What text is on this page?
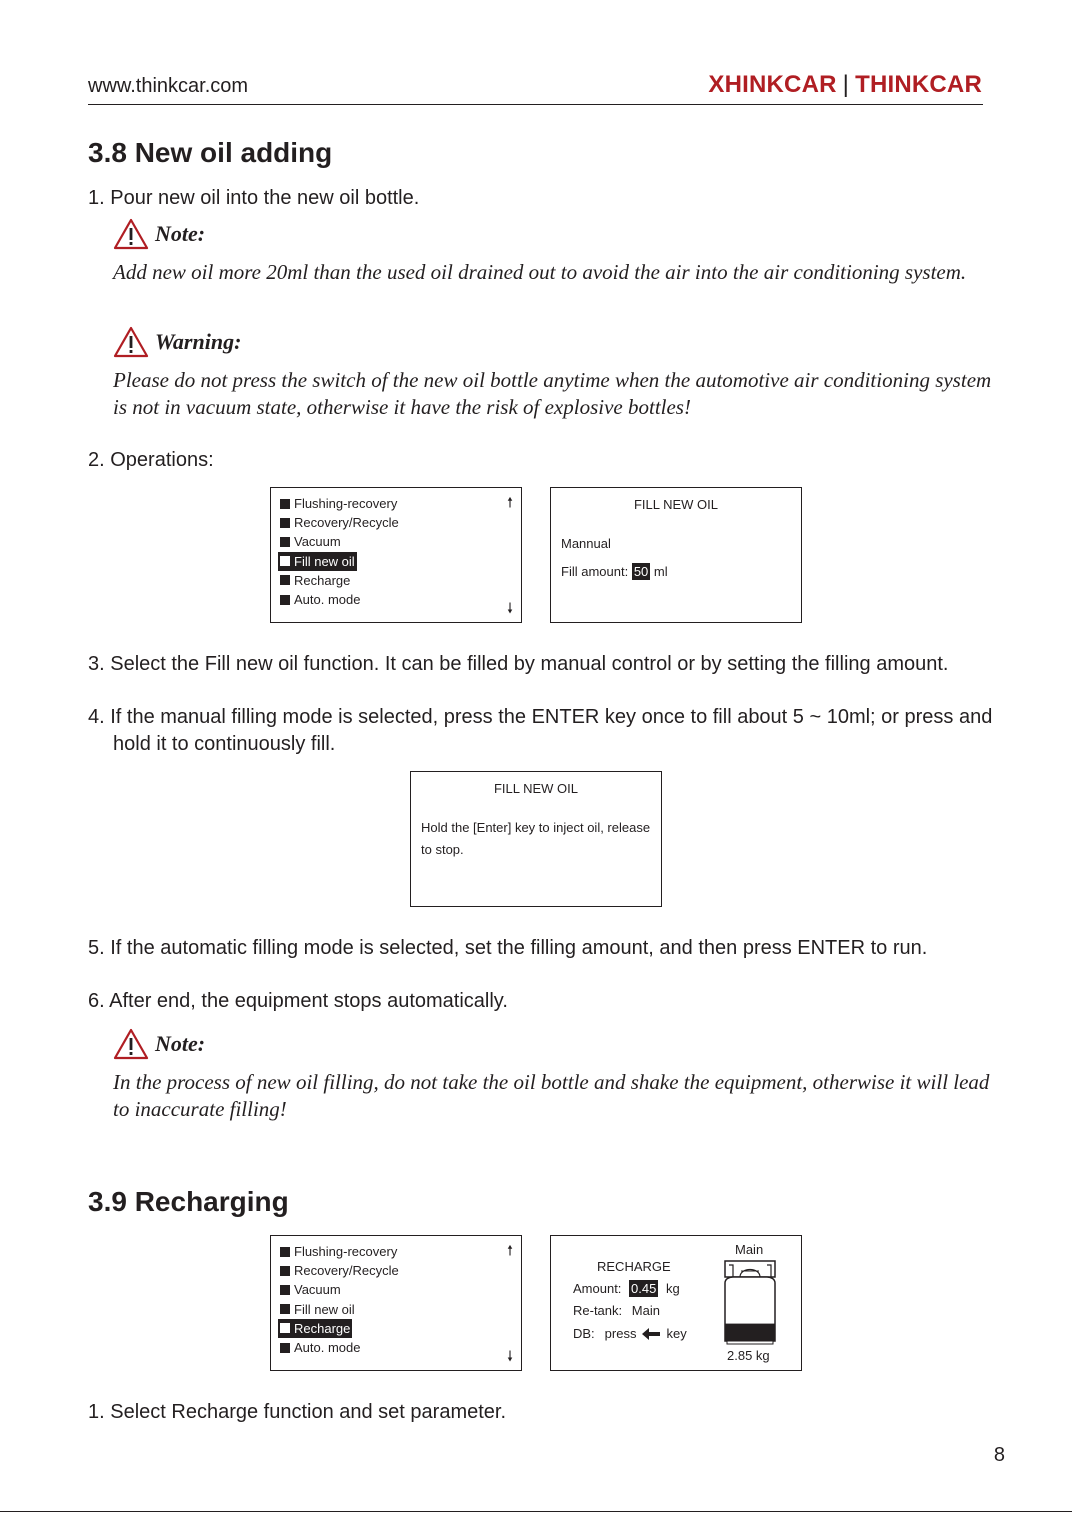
www.thinkcar.com	XHINKCAR | THINKCAR
3.8 New oil adding
1. Pour new oil into the new oil bottle.
Note:
Add new oil more 20ml than the used oil drained out to avoid the air into the air conditioning system.
Warning:
Please do not press the switch of the new oil bottle anytime when the automotive air conditioning system is not in vacuum state, otherwise it have the risk of explosive bottles!
2. Operations:
Flushing-recovery
Recovery/Recycle
Vacuum
Fill new oil
Recharge
Auto. mode
🠕
🠗
FILL NEW OIL
Mannual
Fill amount: 50 ml
3. Select the Fill new oil function. It can be filled by manual control or by setting the filling amount.
4. If the manual filling mode is selected, press the ENTER key once to fill about 5 ~ 10ml; or press and hold it to continuously fill.
FILL NEW OIL
Hold the [Enter] key to inject oil, release
to stop.
5. If the automatic filling mode is selected, set the filling amount, and then press ENTER to run.
6. After end, the equipment stops automatically.
Note:
In the process of new oil filling, do not take the oil bottle and shake the equipment, otherwise it will lead to inaccurate filling!
3.9 Recharging
Flushing-recovery
Recovery/Recycle
Vacuum
Fill new oil
Recharge
Auto. mode
🠕
🠗
RECHARGE
Amount: 0.45 kg
Re-tank: Main
DB: press key
Main
2.85 kg
1. Select Recharge function and set parameter.
8
